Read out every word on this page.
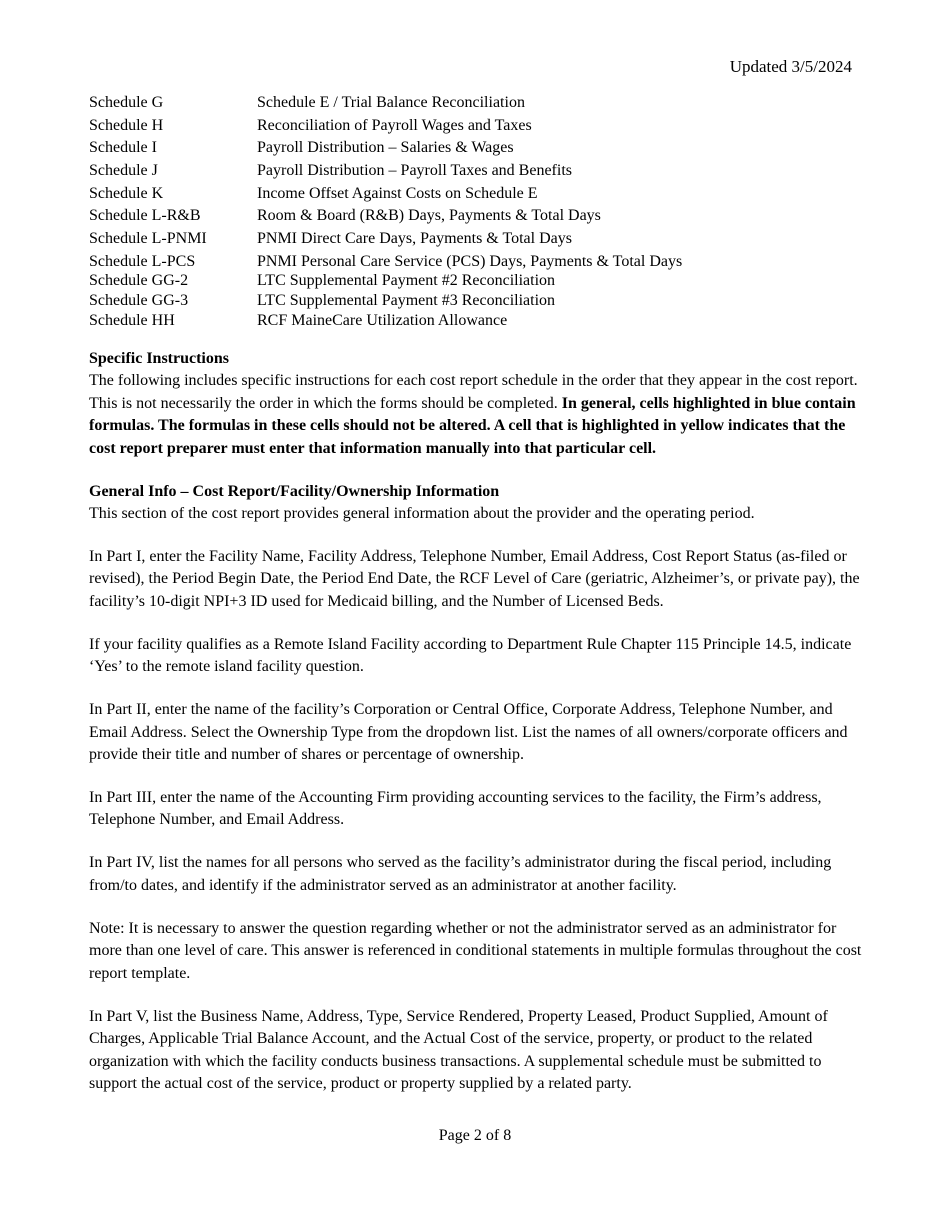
Updated 3/5/2024
Schedule G	Schedule E / Trial Balance Reconciliation
Schedule H	Reconciliation of Payroll Wages and Taxes
Schedule I	Payroll Distribution – Salaries & Wages
Schedule J	Payroll Distribution – Payroll Taxes and Benefits
Schedule K	Income Offset Against Costs on Schedule E
Schedule L-R&B	Room & Board (R&B) Days, Payments & Total Days
Schedule L-PNMI	PNMI Direct Care Days, Payments & Total Days
Schedule L-PCS	PNMI Personal Care Service (PCS) Days, Payments & Total Days
Schedule GG-2	LTC Supplemental Payment #2 Reconciliation
Schedule GG-3	LTC Supplemental Payment #3 Reconciliation
Schedule HH	RCF MaineCare Utilization Allowance

Specific Instructions

The following includes specific instructions for each cost report schedule in the order that they appear in the cost report. This is not necessarily the order in which the forms should be completed. In general, cells highlighted in blue contain formulas. The formulas in these cells should not be altered. A cell that is highlighted in yellow indicates that the cost report preparer must enter that information manually into that particular cell.

General Info – Cost Report/Facility/Ownership Information

This section of the cost report provides general information about the provider and the operating period.

In Part I, enter the Facility Name, Facility Address, Telephone Number, Email Address, Cost Report Status (as-filed or revised), the Period Begin Date, the Period End Date, the RCF Level of Care (geriatric, Alzheimer’s, or private pay), the facility’s 10-digit NPI+3 ID used for Medicaid billing, and the Number of Licensed Beds.

If your facility qualifies as a Remote Island Facility according to Department Rule Chapter 115 Principle 14.5, indicate ‘Yes’ to the remote island facility question.

In Part II, enter the name of the facility’s Corporation or Central Office, Corporate Address, Telephone Number, and Email Address. Select the Ownership Type from the dropdown list. List the names of all owners/corporate officers and provide their title and number of shares or percentage of ownership.

In Part III, enter the name of the Accounting Firm providing accounting services to the facility, the Firm’s address, Telephone Number, and Email Address.

In Part IV, list the names for all persons who served as the facility’s administrator during the fiscal period, including from/to dates, and identify if the administrator served as an administrator at another facility.

Note: It is necessary to answer the question regarding whether or not the administrator served as an administrator for more than one level of care. This answer is referenced in conditional statements in multiple formulas throughout the cost report template.

In Part V, list the Business Name, Address, Type, Service Rendered, Property Leased, Product Supplied, Amount of Charges, Applicable Trial Balance Account, and the Actual Cost of the service, property, or product to the related organization with which the facility conducts business transactions. A supplemental schedule must be submitted to support the actual cost of the service, product or property supplied by a related party.

Page 2 of 8
